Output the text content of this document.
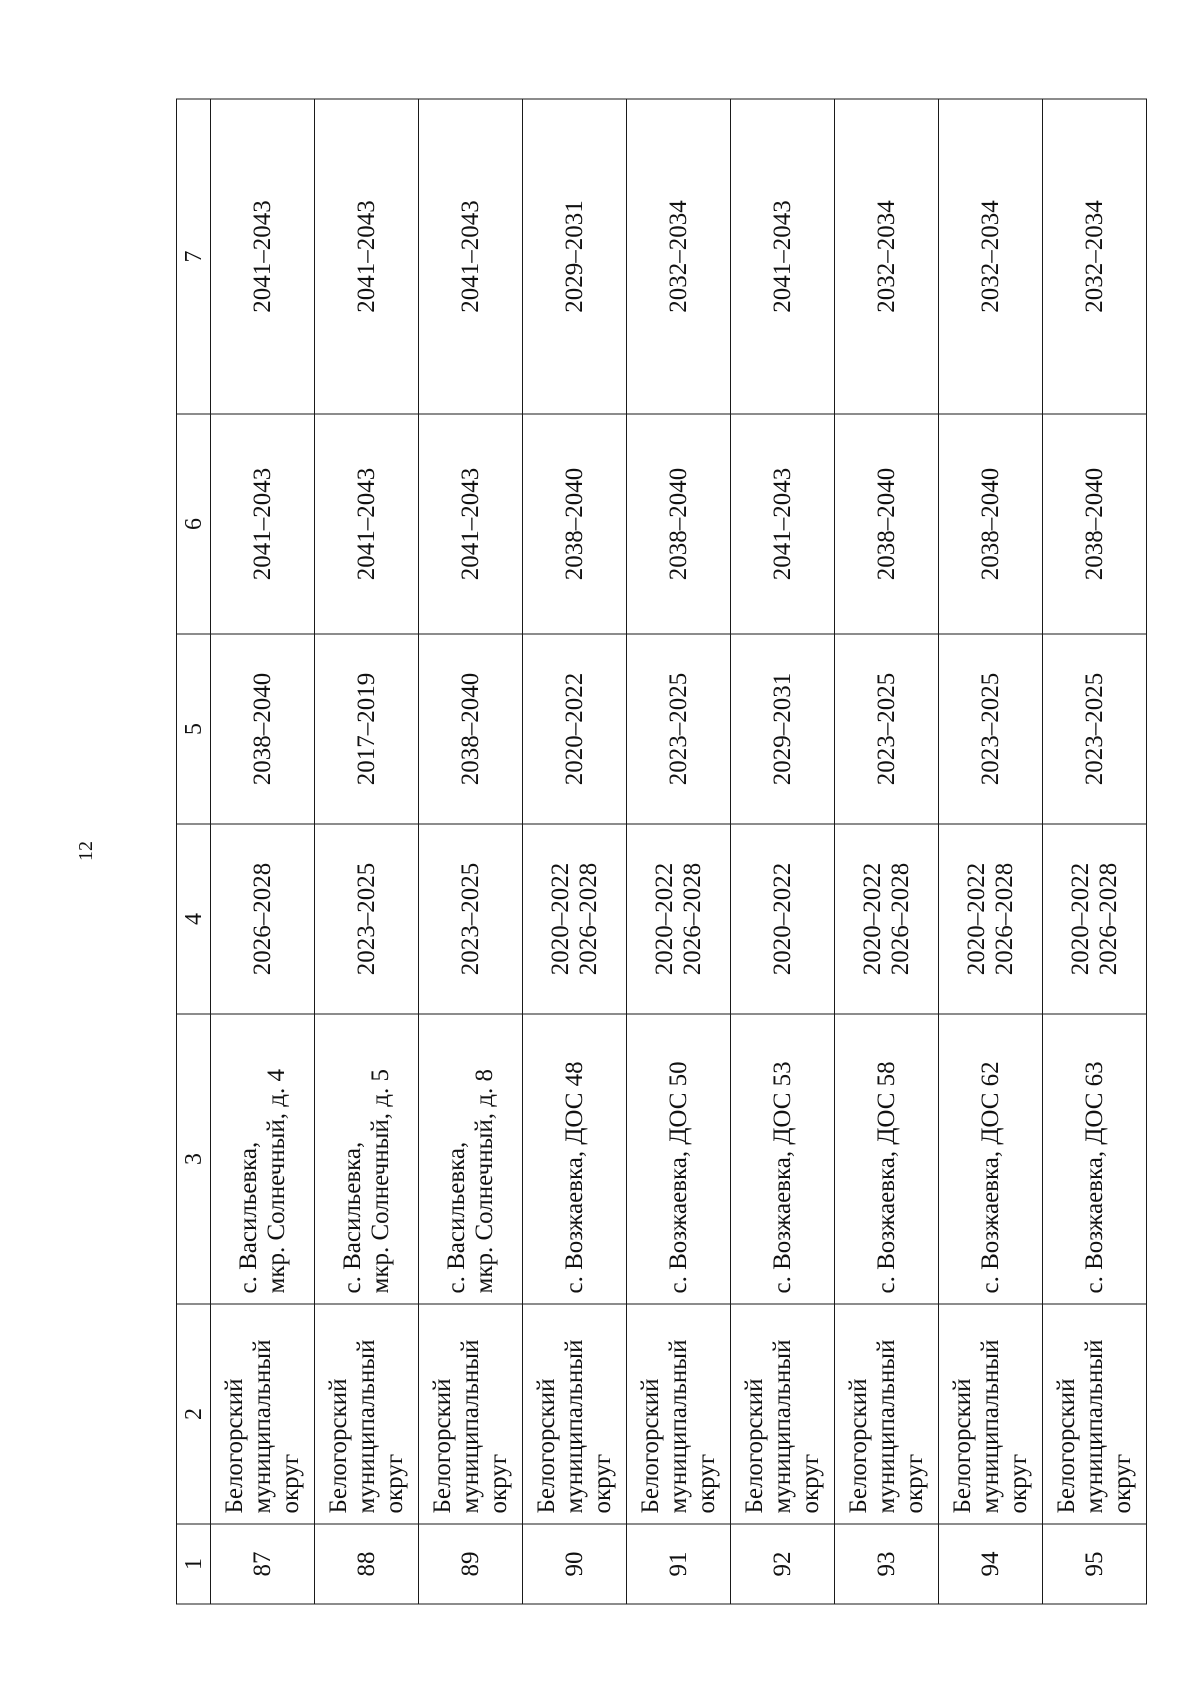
12
1	2	3	4	5	6	7
87	Белогорский муниципальный округ	с. Васильевка, мкр. Солнечный, д. 4	2026–2028	2038–2040	2041–2043	2041–2043
88	Белогорский муниципальный округ	с. Васильевка, мкр. Солнечный, д. 5	2023–2025	2017–2019	2041–2043	2041–2043
89	Белогорский муниципальный округ	с. Васильевка, мкр. Солнечный, д. 8	2023–2025	2038–2040	2041–2043	2041–2043
90	Белогорский муниципальный округ	с. Возжаевка, ДОС 48	2020–2022 2026–2028	2020–2022	2038–2040	2029–2031
91	Белогорский муниципальный округ	с. Возжаевка, ДОС 50	2020–2022 2026–2028	2023–2025	2038–2040	2032–2034
92	Белогорский муниципальный округ	с. Возжаевка, ДОС 53	2020–2022	2029–2031	2041–2043	2041–2043
93	Белогорский муниципальный округ	с. Возжаевка, ДОС 58	2020–2022 2026–2028	2023–2025	2038–2040	2032–2034
94	Белогорский муниципальный округ	с. Возжаевка, ДОС 62	2020–2022 2026–2028	2023–2025	2038–2040	2032–2034
95	Белогорский муниципальный округ	с. Возжаевка, ДОС 63	2020–2022 2026–2028	2023–2025	2038–2040	2032–2034
